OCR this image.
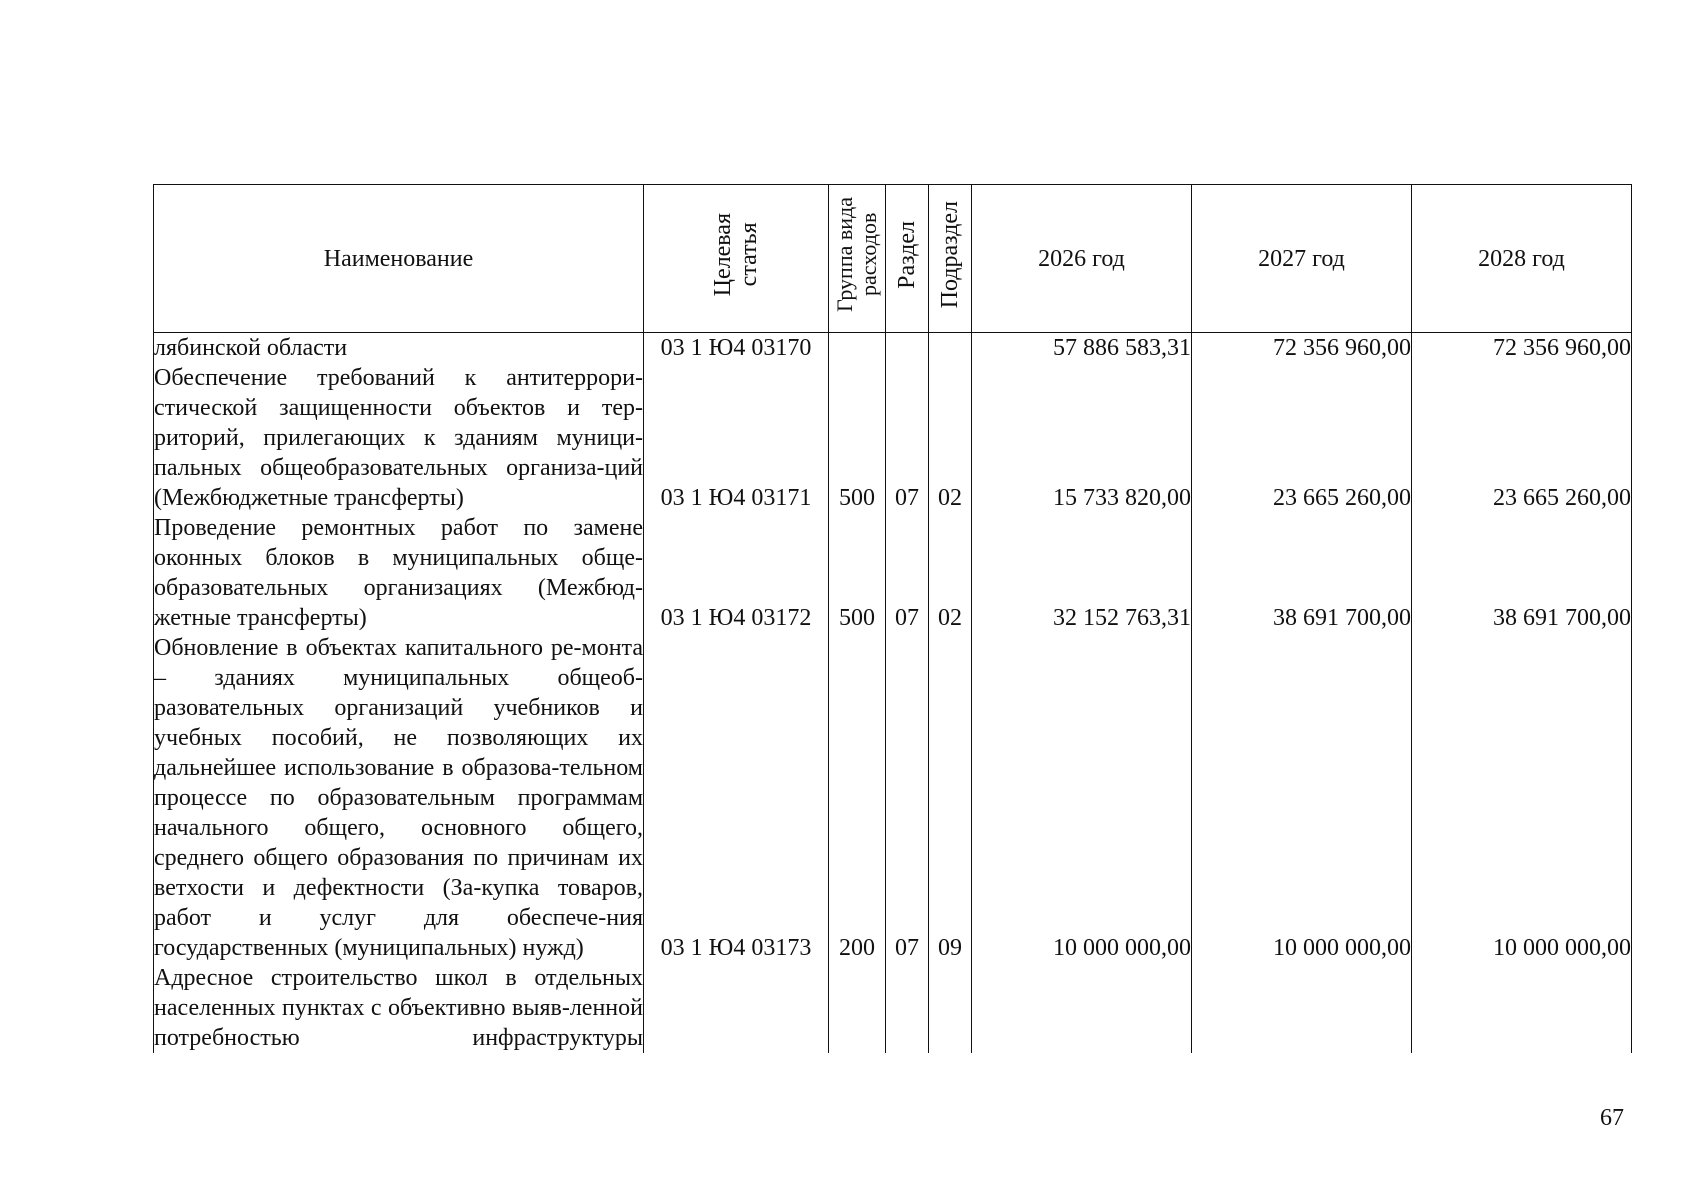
Наименование	Целевая статья	Группа вида расходов	Раздел	Подраздел	2026 год	2027 год	2028 год
лябинской области	03 1 Ю4 03170				57 886 583,31	72 356 960,00	72 356 960,00
Обеспечение требований к антитеррори-стической защищенности объектов и тер-риторий, прилегающих к зданиям муници-пальных общеобразовательных организа-ций (Межбюджетные трансферты)	03 1 Ю4 03171	500	07	02	15 733 820,00	23 665 260,00	23 665 260,00
Проведение ремонтных работ по замене оконных блоков в муниципальных обще-образовательных организациях (Межбюд-жетные трансферты)	03 1 Ю4 03172	500	07	02	32 152 763,31	38 691 700,00	38 691 700,00
Обновление в объектах капитального ре-монта – зданиях муниципальных общеоб-разовательных организаций учебников и учебных пособий, не позволяющих их дальнейшее использование в образова-тельном процессе по образовательным программам начального общего, основного общего, среднего общего образования по причинам их ветхости и дефектности (За-купка товаров, работ и услуг для обеспече-ния государственных (муниципальных) нужд)	03 1 Ю4 03173	200	07	09	10 000 000,00	10 000 000,00	10 000 000,00
Адресное строительство школ в отдельных населенных пунктах с объективно выяв-ленной потребностью инфраструктуры							
67
